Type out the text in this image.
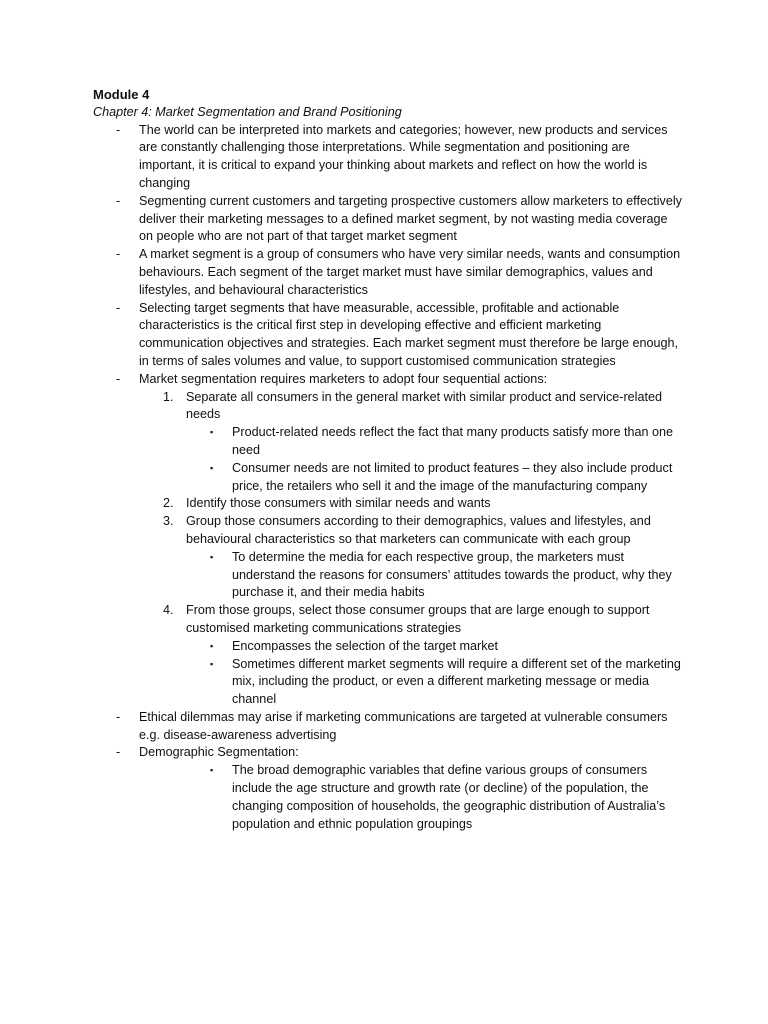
Module 4
Chapter 4: Market Segmentation and Brand Positioning
- The world can be interpreted into markets and categories; however, new products and services are constantly challenging those interpretations. While segmentation and positioning are important, it is critical to expand your thinking about markets and reflect on how the world is changing
- Segmenting current customers and targeting prospective customers allow marketers to effectively deliver their marketing messages to a defined market segment, by not wasting media coverage on people who are not part of that target market segment
- A market segment is a group of consumers who have very similar needs, wants and consumption behaviours. Each segment of the target market must have similar demographics, values and lifestyles, and behavioural characteristics
- Selecting target segments that have measurable, accessible, profitable and actionable characteristics is the critical first step in developing effective and efficient marketing communication objectives and strategies. Each market segment must therefore be large enough, in terms of sales volumes and value, to support customised communication strategies
- Market segmentation requires marketers to adopt four sequential actions:
1. Separate all consumers in the general market with similar product and service-related needs
▪ Product-related needs reflect the fact that many products satisfy more than one need
▪ Consumer needs are not limited to product features – they also include product price, the retailers who sell it and the image of the manufacturing company
2. Identify those consumers with similar needs and wants
3. Group those consumers according to their demographics, values and lifestyles, and behavioural characteristics so that marketers can communicate with each group
▪ To determine the media for each respective group, the marketers must understand the reasons for consumers’ attitudes towards the product, why they purchase it, and their media habits
4. From those groups, select those consumer groups that are large enough to support customised marketing communications strategies
▪ Encompasses the selection of the target market
▪ Sometimes different market segments will require a different set of the marketing mix, including the product, or even a different marketing message or media channel
- Ethical dilemmas may arise if marketing communications are targeted at vulnerable consumers e.g. disease-awareness advertising
- Demographic Segmentation:
▪ The broad demographic variables that define various groups of consumers include the age structure and growth rate (or decline) of the population, the changing composition of households, the geographic distribution of Australia’s population and ethnic population groupings
